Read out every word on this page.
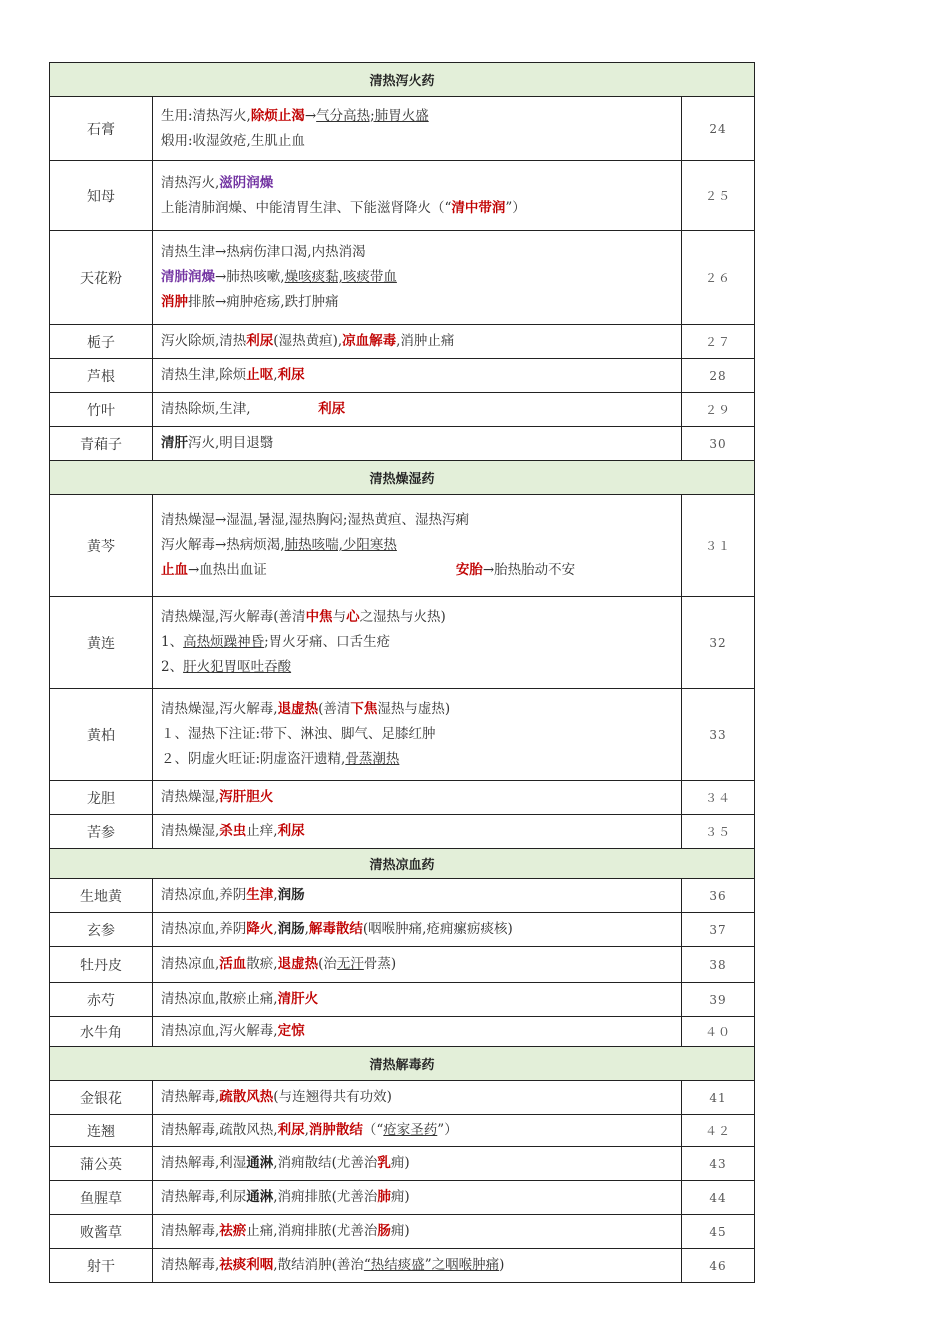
清热泻火药		
石膏	生用:清热泻火,除烦止渴→气分高热;肺胃火盛
煅用:收湿敛疮,生肌止血	24
知母	清热泻火,滋阴润燥
上能清肺润燥、中能清胃生津、下能滋肾降火（“清中带润”）	２５
天花粉	清热生津→热病伤津口渴,内热消渴
清肺润燥→肺热咳嗽,燥咳痰黏,咳痰带血
消肿排脓→痈肿疮疡,跌打肿痛	２６
栀子	泻火除烦,清热利尿(湿热黄疸),凉血解毒,消肿止痛	２７
芦根	清热生津,除烦止呕,利尿	28
竹叶	清热除烦,生津,　　　　　利尿	２９
青葙子	清肝泻火,明目退翳	30
清热燥湿药		
黄芩	清热燥湿→湿温,暑湿,湿热胸闷;湿热黄疸、湿热泻痢
泻火解毒→热病烦渴,肺热咳喘,少阳寒热
止血→血热出血证　　　　　　　　　　　　　　安胎→胎热胎动不安	３１
黄连	清热燥湿,泻火解毒(善清中焦与心之湿热与火热)
1、高热烦躁神昏;胃火牙痛、口舌生疮
2、肝火犯胃呕吐吞酸	32
黄柏	清热燥湿,泻火解毒,退虚热(善清下焦湿热与虚热)
１、湿热下注证:带下、淋浊、脚气、足膝红肿
２、阴虚火旺证:阴虚盗汗遗精,骨蒸潮热	33
龙胆	清热燥湿,泻肝胆火	３４
苦参	清热燥湿,杀虫止痒,利尿	３５
清热凉血药		
生地黄	清热凉血,养阴生津,润肠	36
玄参	清热凉血,养阴降火,润肠,解毒散结(咽喉肿痛,疮痈瘰疬痰核)	37
牡丹皮	清热凉血,活血散瘀,退虚热(治无汗骨蒸)	38
赤芍	清热凉血,散瘀止痛,清肝火	39
水牛角	清热凉血,泻火解毒,定惊	４０
清热解毒药		
金银花	清热解毒,疏散风热(与连翘得共有功效)	41
连翘	清热解毒,疏散风热,利尿,消肿散结（“疮家圣药”）	４２
蒲公英	清热解毒,利湿通淋,消痈散结(尤善治乳痈)	43
鱼腥草	清热解毒,利尿通淋,消痈排脓(尤善治肺痈)	44
败酱草	清热解毒,祛瘀止痛,消痈排脓(尤善治肠痈)	45
射干	清热解毒,祛痰利咽,散结消肿(善治“热结痰盛”之咽喉肿痛)	46
